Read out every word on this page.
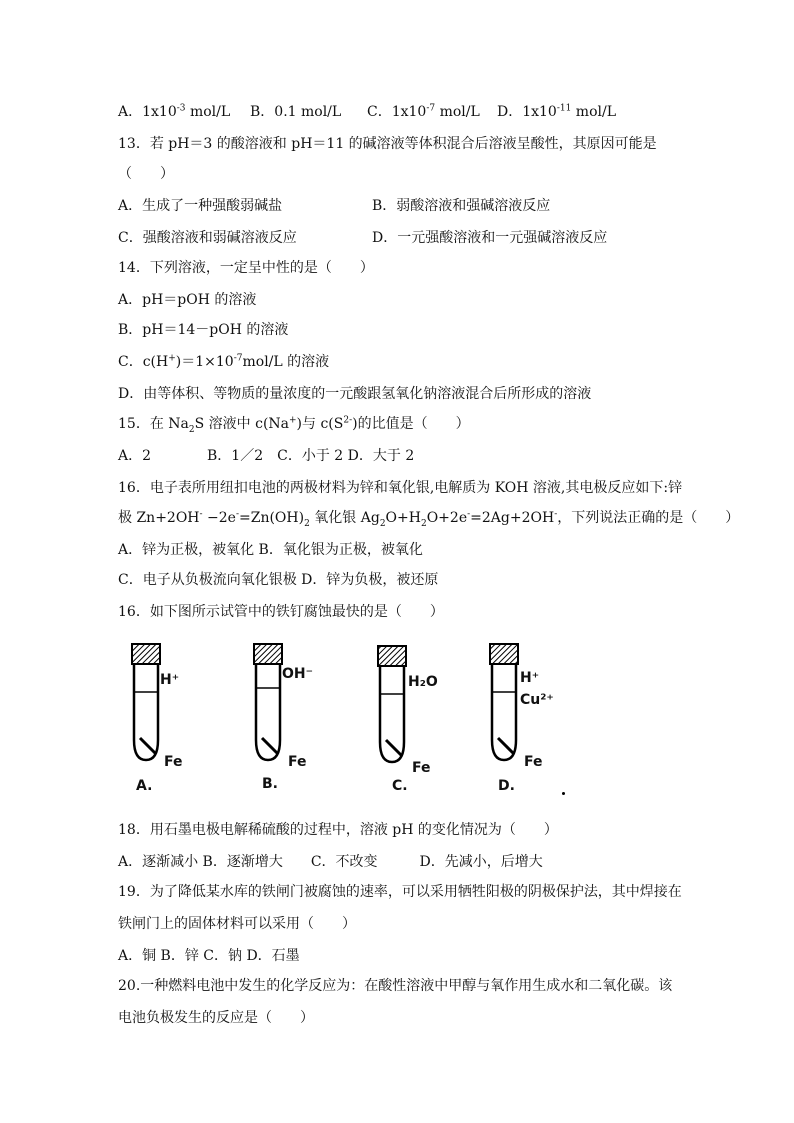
A．$1x10^{-3}$ mol/L B．0.1 mol/L C．$1x10^{-7}$ mol/L D．$1x10^{-11}$ mol/L
13．若 pH＝3 的酸溶液和 pH＝11 的碱溶液等体积混合后溶液呈酸性，其原因可能是
（　　）
A．生成了一种强酸弱碱盐	B．弱酸溶液和强碱溶液反应
C．强酸溶液和弱碱溶液反应	D．一元强酸溶液和一元强碱溶液反应
14．下列溶液，一定呈中性的是（　　）
A．pH＝pOH 的溶液
B．pH＝14－pOH 的溶液
C．$c(H^+)=1\times 10^{-7}mol/L$ 的溶液
D．由等体积、等物质的量浓度的一元酸跟氢氧化钠溶液混合后所形成的溶液
15．在 $Na_2S$ 溶液中 c(Na+)与 $c(S^{2-})$的比值是（　　）
A．2　　　　B．1／2　C．小于 2 D．大于 2
16．电子表所用纽扣电池的两极材料为锌和氧化银,电解质为 KOH 溶液,其电极反应如下:锌
极 $Zn+2OH^- -2e^-=Zn(OH)_2$ 氧化银 $Ag_2O+H_2O+2e^-=2Ag+2OH^-$，下列说法正确的是（　　）
A．锌为正极，被氧化 B．氧化银为正极，被氧化
C．电子从负极流向氧化银极 D．锌为负极，被还原
16．如下图所示试管中的铁钉腐蚀最快的是（　　）
H⁺
Fe
A.
OH⁻
Fe
B.
H₂O
Fe
C.
H⁺
Cu²⁺
Fe
D.
18．用石墨电极电解稀硫酸的过程中，溶液 pH 的变化情况为（　　）
A．逐渐减小 B．逐渐增大　　C．不改变　　　D．先减小，后增大
19．为了降低某水库的铁闸门被腐蚀的速率，可以采用牺牲阳极的阴极保护法，其中焊接在
铁闸门上的固体材料可以采用（　　）
A．铜 B．锌 C．钠 D．石墨
20.一种燃料电池中发生的化学反应为：在酸性溶液中甲醇与氧作用生成水和二氧化碳。该
电池负极发生的反应是（　　）
